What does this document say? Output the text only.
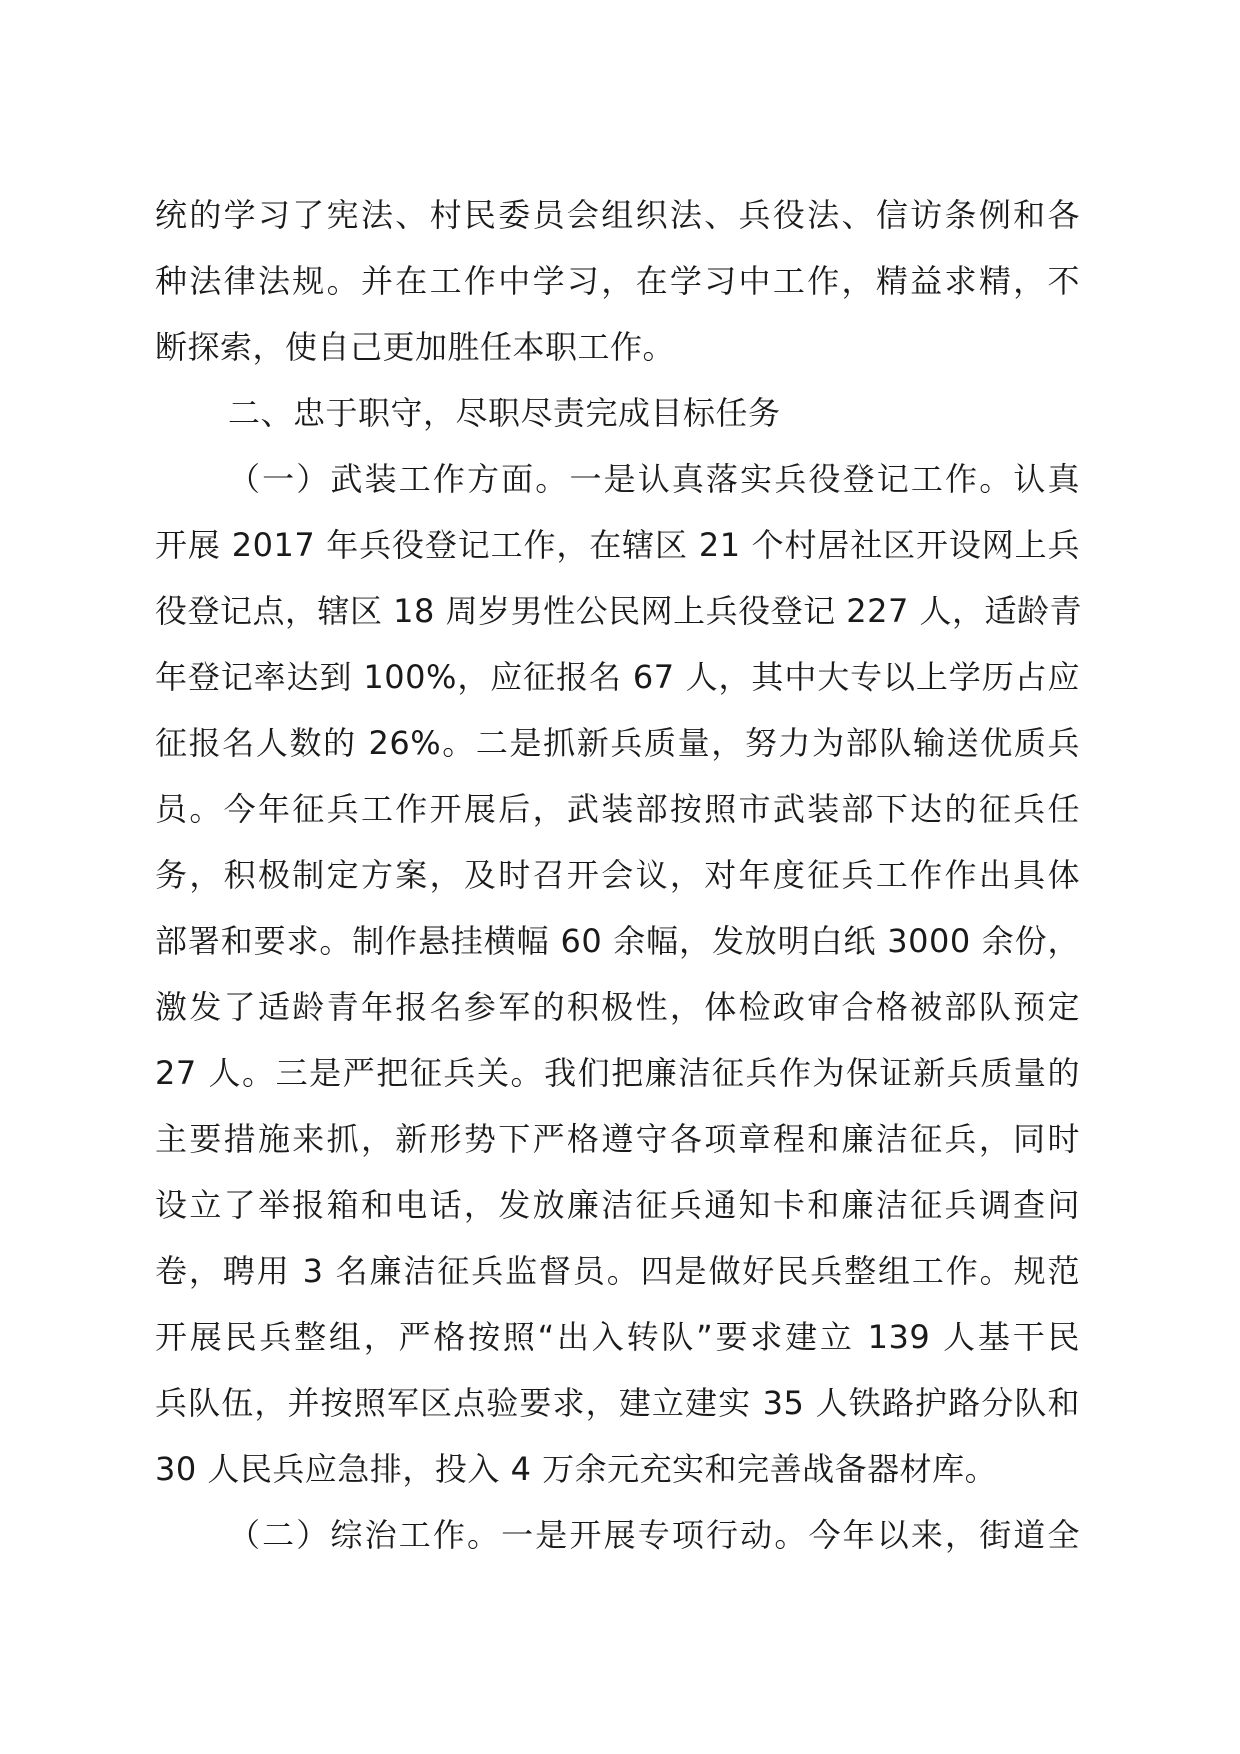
统的学习了宪法、村民委员会组织法、兵役法、信访条例和各
种法律法规。并在工作中学习，在学习中工作，精益求精，不
断探索，使自己更加胜任本职工作。
二、忠于职守，尽职尽责完成目标任务
（一）武装工作方面。一是认真落实兵役登记工作。认真
开展 2017 年兵役登记工作，在辖区 21 个村居社区开设网上兵
役登记点，辖区 18 周岁男性公民网上兵役登记 227 人，适龄青
年登记率达到 100%，应征报名 67 人，其中大专以上学历占应
征报名人数的 26%。二是抓新兵质量，努力为部队输送优质兵
员。今年征兵工作开展后，武装部按照市武装部下达的征兵任
务，积极制定方案，及时召开会议，对年度征兵工作作出具体
部署和要求。制作悬挂横幅 60 余幅，发放明白纸 3000 余份，
激发了适龄青年报名参军的积极性，体检政审合格被部队预定
27 人。三是严把征兵关。我们把廉洁征兵作为保证新兵质量的
主要措施来抓，新形势下严格遵守各项章程和廉洁征兵，同时
设立了举报箱和电话，发放廉洁征兵通知卡和廉洁征兵调查问
卷，聘用 3 名廉洁征兵监督员。四是做好民兵整组工作。规范
开展民兵整组，严格按照“出入转队”要求建立 139 人基干民
兵队伍，并按照军区点验要求，建立建实 35 人铁路护路分队和
30 人民兵应急排，投入 4 万余元充实和完善战备器材库。
（二）综治工作。一是开展专项行动。今年以来，街道全
